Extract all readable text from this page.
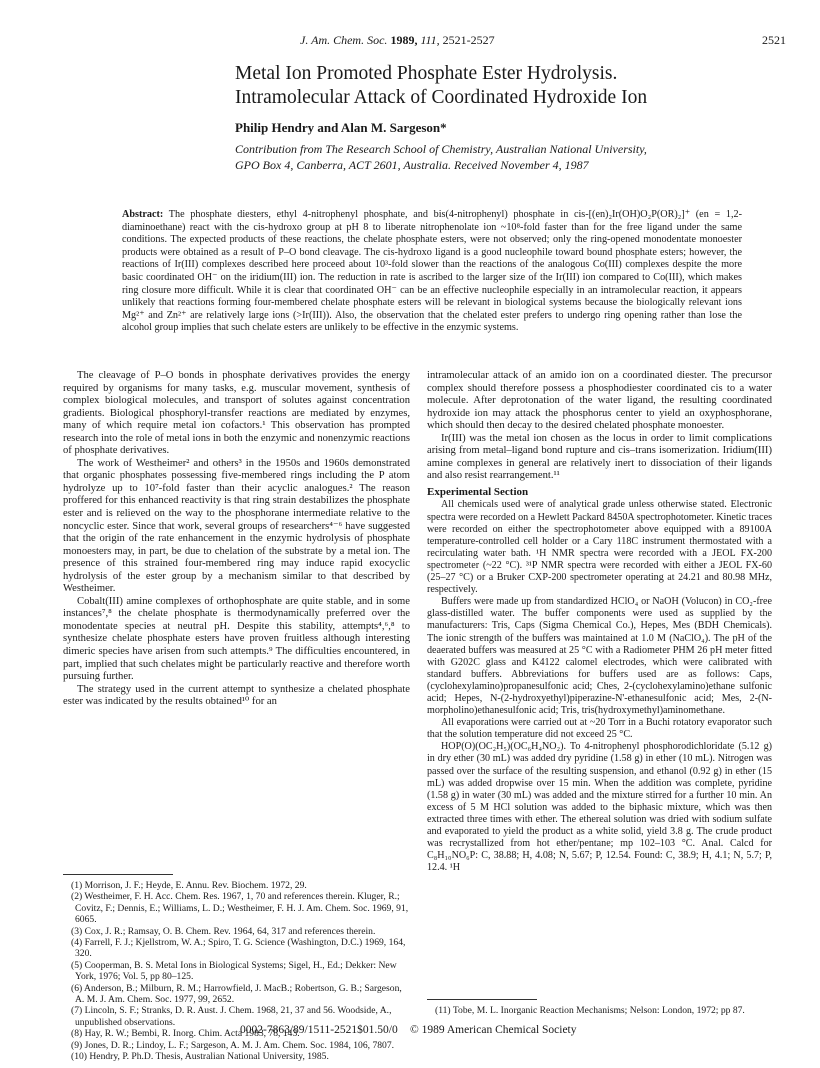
J. Am. Chem. Soc. 1989, 111, 2521-2527	2521
Metal Ion Promoted Phosphate Ester Hydrolysis.
Intramolecular Attack of Coordinated Hydroxide Ion
Philip Hendry and Alan M. Sargeson*
Contribution from The Research School of Chemistry, Australian National University,
GPO Box 4, Canberra, ACT 2601, Australia. Received November 4, 1987
Abstract: The phosphate diesters, ethyl 4-nitrophenyl phosphate, and bis(4-nitrophenyl) phosphate in cis-[(en)₂Ir(OH)O₂P(OR)₂]⁺ (en = 1,2-diaminoethane) react with the cis-hydroxo group at pH 8 to liberate nitrophenolate ion ~10⁸-fold faster than for the free ligand under the same conditions. The expected products of these reactions, the chelate phosphate esters, were not observed; only the ring-opened monodentate monoester products were obtained as a result of P–O bond cleavage. The cis-hydroxo ligand is a good nucleophile toward bound phosphate esters; however, the reactions of Ir(III) complexes described here proceed about 10³-fold slower than the reactions of the analogous Co(III) complexes despite the more basic coordinated OH⁻ on the iridium(III) ion. The reduction in rate is ascribed to the larger size of the Ir(III) ion compared to Co(III), which makes ring closure more difficult. While it is clear that coordinated OH⁻ can be an effective nucleophile especially in an intramolecular reaction, it appears unlikely that reactions forming four-membered chelate phosphate esters will be relevant in biological systems because the biologically relevant ions Mg²⁺ and Zn²⁺ are relatively large ions (>Ir(III)). Also, the observation that the chelated ester prefers to undergo ring opening rather than lose the alcohol group implies that such chelate esters are unlikely to be effective in the enzymic systems.

The cleavage of P–O bonds in phosphate derivatives provides the energy required by organisms for many tasks, e.g. muscular movement, synthesis of complex biological molecules, and transport of solutes against concentration gradients. Biological phosphoryl-transfer reactions are mediated by enzymes, many of which require metal ion cofactors.¹ This observation has prompted research into the role of metal ions in both the enzymic and nonenzymic reactions of phosphate derivatives.

The work of Westheimer² and others³ in the 1950s and 1960s demonstrated that organic phosphates possessing five-membered rings including the P atom hydrolyze up to 10⁷-fold faster than their acyclic analogues.² The reason proffered for this enhanced reactivity is that ring strain destabilizes the phosphate ester and is relieved on the way to the phosphorane intermediate relative to the noncyclic ester. Since that work, several groups of researchers⁴⁻⁶ have suggested that the origin of the rate enhancement in the enzymic hydrolysis of phosphate monoesters may, in part, be due to chelation of the substrate by a metal ion. The presence of this strained four-membered ring may induce rapid exocyclic hydrolysis of the ester group by a mechanism similar to that described by Westheimer.

Cobalt(III) amine complexes of orthophosphate are quite stable, and in some instances⁷,⁸ the chelate phosphate is thermodynamically preferred over the monodentate species at neutral pH. Despite this stability, attempts⁴,⁶,⁸ to synthesize chelate phosphate esters have proven fruitless although interesting dimeric species have arisen from such attempts.⁹ The difficulties encountered, in part, implied that such chelates might be particularly reactive and therefore worth pursuing further.

The strategy used in the current attempt to synthesize a chelated phosphate ester was indicated by the results obtained¹⁰ for an

intramolecular attack of an amido ion on a coordinated diester. The precursor complex should therefore possess a phosphodiester coordinated cis to a water molecule. After deprotonation of the water ligand, the resulting coordinated hydroxide ion may attack the phosphorus center to yield an oxyphosphorane, which should then decay to the desired chelated phosphate monoester.

Ir(III) was the metal ion chosen as the locus in order to limit complications arising from metal–ligand bond rupture and cis–trans isomerization. Iridium(III) amine complexes in general are relatively inert to dissociation of their ligands and also resist rearrangement.¹¹

Experimental Section

All chemicals used were of analytical grade unless otherwise stated. Electronic spectra were recorded on a Hewlett Packard 8450A spectrophotometer. Kinetic traces were recorded on either the spectrophotometer above equipped with a 89100A temperature-controlled cell holder or a Cary 118C instrument thermostated with a recirculating water bath. ¹H NMR spectra were recorded with a JEOL FX-200 spectrometer (~22 °C). ³¹P NMR spectra were recorded with either a JEOL FX-60 (25–27 °C) or a Bruker CXP-200 spectrometer operating at 24.21 and 80.98 MHz, respectively.

Buffers were made up from standardized HClO₄ or NaOH (Volucon) in CO₂-free glass-distilled water. The buffer components were used as supplied by the manufacturers: Tris, Caps (Sigma Chemical Co.), Hepes, Mes (BDH Chemicals). The ionic strength of the buffers was maintained at 1.0 M (NaClO₄). The pH of the deaerated buffers was measured at 25 °C with a Radiometer PHM 26 pH meter fitted with G202C glass and K4122 calomel electrodes, which were calibrated with standard buffers. Abbreviations for buffers used are as follows: Caps, (cyclohexylamino)propanesulfonic acid; Ches, 2-(cyclohexylamino)ethane sulfonic acid; Hepes, N-(2-hydroxyethyl)piperazine-N'-ethanesulfonic acid; Mes, 2-(N-morpholino)ethanesulfonic acid; Tris, tris(hydroxymethyl)aminomethane.

All evaporations were carried out at ~20 Torr in a Buchi rotatory evaporator such that the solution temperature did not exceed 25 °C.

HOP(O)(OC₂H₅)(OC₆H₄NO₂). To 4-nitrophenyl phosphorodichloridate (5.12 g) in dry ether (30 mL) was added dry pyridine (1.58 g) in ether (10 mL). Nitrogen was passed over the surface of the resulting suspension, and ethanol (0.92 g) in ether (15 mL) was added dropwise over 15 min. When the addition was complete, pyridine (1.58 g) in water (30 mL) was added and the mixture stirred for a further 10 min. An excess of 5 M HCl solution was added to the biphasic mixture, which was then extracted three times with ether. The ethereal solution was dried with sodium sulfate and evaporated to yield the product as a white solid, yield 3.8 g. The crude product was recrystallized from hot ether/pentane; mp 102–103 °C. Anal. Calcd for C₈H₁₀NO₆P: C, 38.88; H, 4.08; N, 5.67; P, 12.54. Found: C, 38.9; H, 4.1; N, 5.7; P, 12.4. ¹H

(1) Morrison, J. F.; Heyde, E. Annu. Rev. Biochem. 1972, 29.
(2) Westheimer, F. H. Acc. Chem. Res. 1967, 1, 70 and references therein. Kluger, R.; Covitz, F.; Dennis, E.; Williams, L. D.; Westheimer, F. H. J. Am. Chem. Soc. 1969, 91, 6065.
(3) Cox, J. R.; Ramsay, O. B. Chem. Rev. 1964, 64, 317 and references therein.
(4) Farrell, F. J.; Kjellstrom, W. A.; Spiro, T. G. Science (Washington, D.C.) 1969, 164, 320.
(5) Cooperman, B. S. Metal Ions in Biological Systems; Sigel, H., Ed.; Dekker: New York, 1976; Vol. 5, pp 80–125.
(6) Anderson, B.; Milburn, R. M.; Harrowfield, J. MacB.; Robertson, G. B.; Sargeson, A. M. J. Am. Chem. Soc. 1977, 99, 2652.
(7) Lincoln, S. F.; Stranks, D. R. Aust. J. Chem. 1968, 21, 37 and 56. Woodside, A., unpublished observations.
(8) Hay, R. W.; Bembi, R. Inorg. Chim. Acta 1983, 78, 143.
(9) Jones, D. R.; Lindoy, L. F.; Sargeson, A. M. J. Am. Chem. Soc. 1984, 106, 7807.
(10) Hendry, P. Ph.D. Thesis, Australian National University, 1985.
(11) Tobe, M. L. Inorganic Reaction Mechanisms; Nelson: London, 1972; pp 87.
0002-7863/89/1511-2521$01.50/0 © 1989 American Chemical Society
